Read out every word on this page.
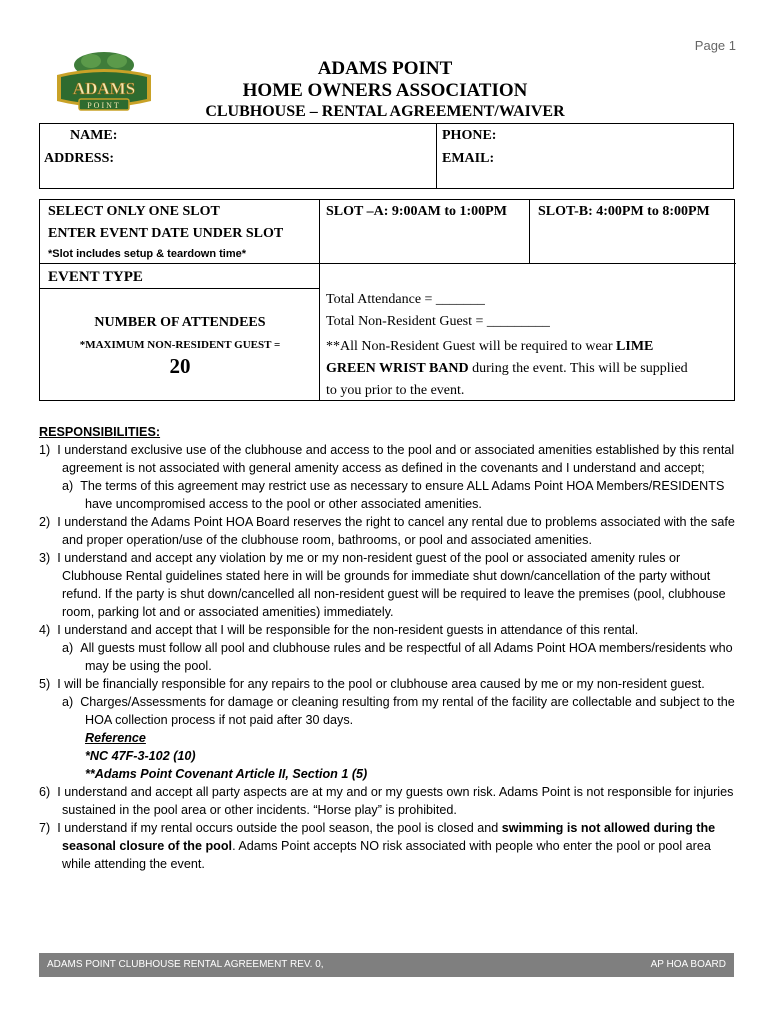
Page 1
ADAMS
POINT
ADAMS POINT
HOME OWNERS ASSOCIATION
CLUBHOUSE – RENTAL AGREEMENT/WAIVER
NAME:	PHONE:
ADDRESS:	EMAIL:
SELECT ONLY ONE SLOT	SLOT –A: 9:00AM to 1:00PM SLOT-B: 4:00PM to 8:00PM
ENTER EVENT DATE UNDER SLOT
*Slot includes setup & teardown time*
EVENT TYPE
NUMBER OF ATTENDEES
*MAXIMUM NON-RESIDENT GUEST =
20
Total Attendance = _______
Total Non-Resident Guest = _________
**All Non-Resident Guest will be required to wear LIME
GREEN WRIST BAND during the event. This will be supplied
to you prior to the event.

RESPONSIBILITIES:

1) I understand exclusive use of the clubhouse and access to the pool and or associated amenities established by this rental agreement is not associated with general amenity access as defined in the covenants and I understand and accept;

a) The terms of this agreement may restrict use as necessary to ensure ALL Adams Point HOA Members/RESIDENTS have uncompromised access to the pool or other associated amenities.

2) I understand the Adams Point HOA Board reserves the right to cancel any rental due to problems associated with the safe and proper operation/use of the clubhouse room, bathrooms, or pool and associated amenities.

3) I understand and accept any violation by me or my non-resident guest of the pool or associated amenity rules or Clubhouse Rental guidelines stated here in will be grounds for immediate shut down/cancellation of the party without refund. If the party is shut down/cancelled all non-resident guest will be required to leave the premises (pool, clubhouse room, parking lot and or associated amenities) immediately.

4) I understand and accept that I will be responsible for the non-resident guests in attendance of this rental.

a) All guests must follow all pool and clubhouse rules and be respectful of all Adams Point HOA members/residents who may be using the pool.

5) I will be financially responsible for any repairs to the pool or clubhouse area caused by me or my non-resident guest.

a) Charges/Assessments for damage or cleaning resulting from my rental of the facility are collectable and subject to the HOA collection process if not paid after 30 days.

Reference

*NC 47F-3-102 (10)

**Adams Point Covenant Article II, Section 1 (5)

6) I understand and accept all party aspects are at my and or my guests own risk. Adams Point is not responsible for injuries sustained in the pool area or other incidents. “Horse play” is prohibited.

7) I understand if my rental occurs outside the pool season, the pool is closed and swimming is not allowed during the seasonal closure of the pool. Adams Point accepts NO risk associated with people who enter the pool or pool area while attending the event.

ADAMS POINT CLUBHOUSE RENTAL AGREEMENT REV. 0,	AP HOA BOARD
